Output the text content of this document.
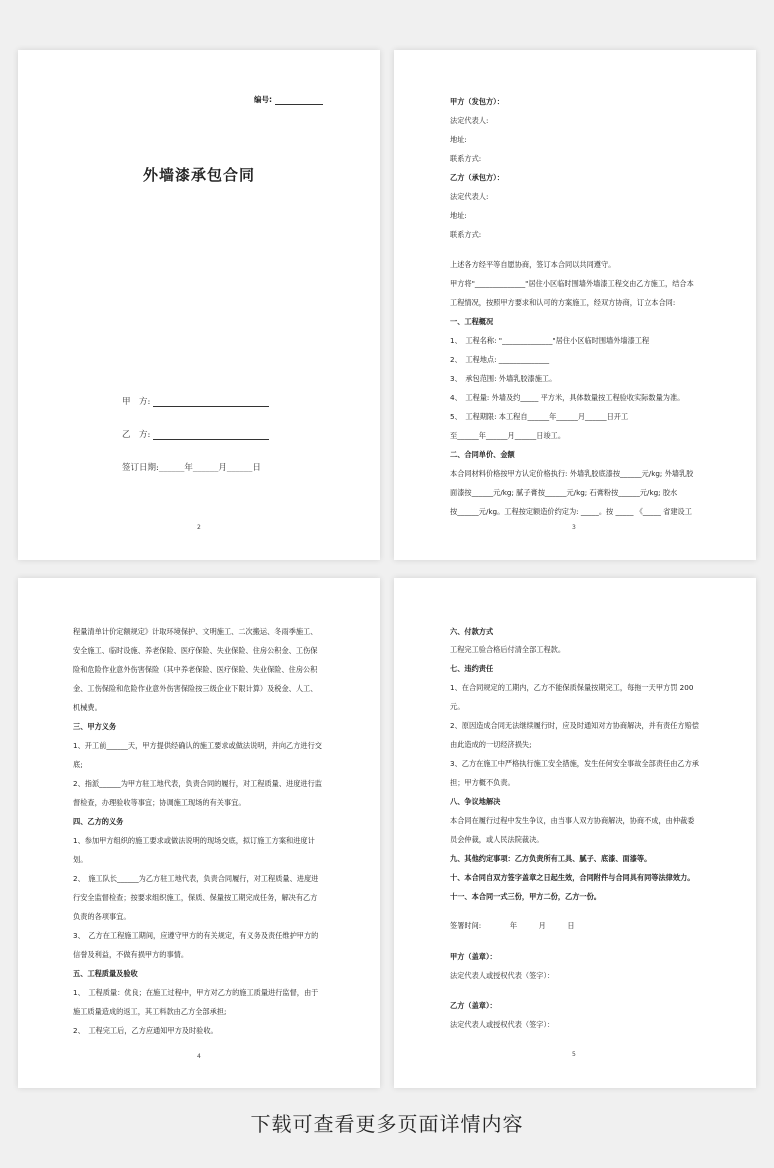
编号:
外墙漆承包合同
甲　方:
乙　方:
签订日期:______年______月______日
2
甲方（发包方）：
法定代表人:
地址:
联系方式:
乙方（承包方）：
法定代表人:
地址:
联系方式:
上述各方经平等自愿协商，签订本合同以共同遵守。
甲方将"______________"居住小区临时围墙外墙漆工程交由乙方施工，结合本
工程情况，按照甲方要求和认可的方案施工，经双方协商，订立本合同:
一、工程概况
1、　工程名称: "______________"居住小区临时围墙外墙漆工程
2、　工程地点: ______________
3、　承包范围: 外墙乳胶漆施工。
4、　工程量: 外墙及约_____ 平方米，具体数量按工程验收实际数量为准。
5、　工程期限: 本工程自______年______月______日开工
至______年______月______日竣工。
二、合同单价、金额
本合同材料价格按甲方认定价格执行: 外墙乳胶底漆按______元/kg; 外墙乳胶
面漆按______元/kg; 腻子膏按______元/kg; 石膏粉按______元/kg; 胶水
按______元/kg。工程按定额造价约定为: _____。按 _____ 《_____ 省建设工
3
程量清单计价定额规定》计取环境保护、文明施工、二次搬运、冬雨季施工、
安全施工、临时设施、养老保险、医疗保险、失业保险、住房公积金、工伤保
险和危险作业意外伤害保险（其中养老保险、医疗保险、失业保险、住房公积
金、工伤保险和危险作业意外伤害保险按三级企业下限计算）及税金、人工、
机械费。
三、甲方义务
1、开工前______天，甲方提供经确认的施工要求或做法说明，并向乙方进行交
底;
2、指派______为甲方驻工地代表，负责合同的履行，对工程质量、进度进行监
督检查，办理验收等事宜；协调施工现场的有关事宜。
四、乙方的义务
1、参加甲方组织的施工要求或做法说明的现场交底，拟订施工方案和进度计
划。
2、　施工队长______为乙方驻工地代表，负责合同履行，对工程质量、进度进
行安全监督检查；按要求组织施工，保质、保量按工期完成任务，解决有乙方
负责的各项事宜。
3、　乙方在工程施工期间，应遵守甲方的有关规定，有义务及责任维护甲方的
信誉及利益，不做有损甲方的事情。
五、工程质量及验收
1、　工程质量：优良；在施工过程中，甲方对乙方的施工质量进行监督，由于
施工质量造成的返工，其工料款由乙方全部承担;
2、　工程完工后，乙方应通知甲方及时验收。
4
六、付款方式
工程完工验合格后付清全部工程款。
七、违约责任
1、在合同规定的工期内，乙方不能保质保量按期完工，每拖一天甲方罚 200
元。
2、原因造成合同无法继续履行时，应及时通知对方协商解决，并有责任方赔偿
由此造成的一切经济损失;
3、乙方在施工中严格执行施工安全措施，发生任何安全事故全部责任由乙方承
担；甲方概不负责。
八、争议地解决
本合同在履行过程中发生争议，由当事人双方协商解决，协商不成，由仲裁委
员会仲裁，或人民法院裁决。
九、其他约定事项：乙方负责所有工具、腻子、底漆、面漆等。
十、本合同自双方签字盖章之日起生效，合同附件与合同具有同等法律效力。
十一、本合同一式三份，甲方二份，乙方一份。
签署时间:　　　　年　　　月　　　日
甲方（盖章）：
法定代表人或授权代表（签字）：
乙方（盖章）：
法定代表人或授权代表（签字）：
5
下载可查看更多页面详情内容
